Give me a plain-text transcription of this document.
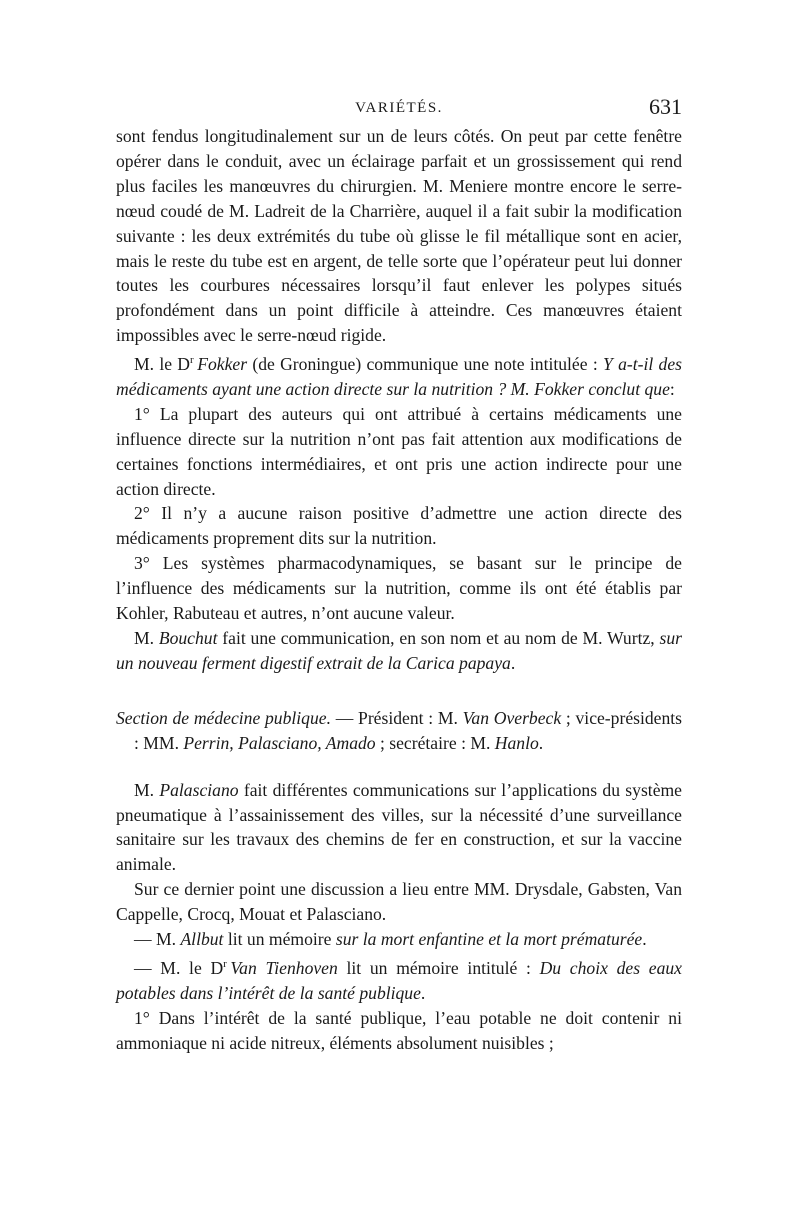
VARIÉTÉS.	631

sont fendus longitudinalement sur un de leurs côtés. On peut par cette fenêtre opérer dans le conduit, avec un éclairage parfait et un grossissement qui rend plus faciles les manœuvres du chirurgien. M. Meniere montre encore le serre-nœud coudé de M. Ladreit de la Charrière, auquel il a fait subir la modification suivante : les deux extrémités du tube où glisse le fil métallique sont en acier, mais le reste du tube est en argent, de telle sorte que l’opérateur peut lui donner toutes les courbures nécessaires lorsqu’il faut enlever les polypes situés profondément dans un point difficile à atteindre. Ces manœuvres étaient impossibles avec le serre-nœud rigide.

M. le $D^r$  Fokker (de Groningue) communique une note intitulée : Y a-t-il des médicaments ayant une action directe sur la nutrition ? M. Fokker conclut que:

1° La plupart des auteurs qui ont attribué à certains médicaments une influence directe sur la nutrition n’ont pas fait attention aux modifications de certaines fonctions intermédiaires, et ont pris une action indirecte pour une action directe.

2° Il n’y a aucune raison positive d’admettre une action directe des médicaments proprement dits sur la nutrition.

3° Les systèmes pharmacodynamiques, se basant sur le principe de l’influence des médicaments sur la nutrition, comme ils ont été établis par Kohler, Rabuteau et autres, n’ont aucune valeur.

M. Bouchut fait une communication, en son nom et au nom de M. Wurtz, sur un nouveau ferment digestif extrait de la Carica papaya.

Section de médecine publique. — Président : M. Van Overbeck ; vice-présidents : MM. Perrin, Palasciano, Amado ; secrétaire : M. Hanlo.

M. Palasciano fait différentes communications sur l’applications du système pneumatique à l’assainissement des villes, sur la nécessité d’une surveillance sanitaire sur les travaux des chemins de fer en construction, et sur la vaccine animale.

Sur ce dernier point une discussion a lieu entre MM. Drysdale, Gabsten, Van Cappelle, Crocq, Mouat et Palasciano.

— M. Allbut lit un mémoire sur la mort enfantine et la mort prématurée.

— M. le $D^r$  Van Tienhoven lit un mémoire intitulé : Du choix des eaux potables dans l’intérêt de la santé publique.

1° Dans l’intérêt de la santé publique, l’eau potable ne doit contenir ni ammoniaque ni acide nitreux, éléments absolument nuisibles ;
